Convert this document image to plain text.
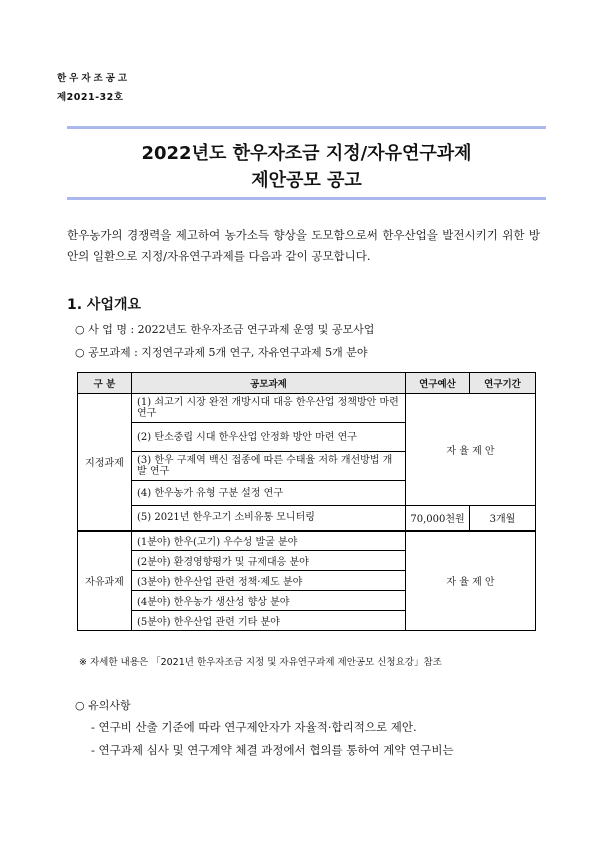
한우자조공고
제2021-32호
2022년도 한우자조금 지정/자유연구과제
제안공모 공고
한우농가의 경쟁력을 제고하여 농가소득 향상을 도모함으로써 한우산업을 발전시키기 위한 방안의 일환으로 지정/자유연구과제를 다음과 같이 공모합니다.
1. 사업개요
○ 사 업 명 : 2022년도 한우자조금 연구과제 운영 및 공모사업
○ 공모과제 : 지정연구과제 5개 연구, 자유연구과제 5개 분야
구 분	공모과제	연구예산	연구기간
지정과제	(1) 쇠고기 시장 완전 개방시대 대응 한우산업 정책방안 마련 연구	자 율 제 안	
	(2) 탄소중립 시대 한우산업 안정화 방안 마련 연구		
	(3) 한우 구제역 백신 접종에 따른 수태율 저하 개선방법 개발 연구		
	(4) 한우농가 유형 구분 설정 연구		
	(5) 2021년 한우고기 소비유통 모니터링	70,000천원	3개월
자유과제	(1분야) 한우(고기) 우수성 발굴 분야	자 율 제 안	
	(2분야) 환경영향평가 및 규제대응 분야		
	(3분야) 한우산업 관련 정책·제도 분야		
	(4분야) 한우농가 생산성 향상 분야		
	(5분야) 한우산업 관련 기타 분야		
※ 자세한 내용은 「2021년 한우자조금 지정 및 자유연구과제 제안공모 신청요강」참조
○ 유의사항
- 연구비 산출 기준에 따라 연구제안자가 자율적·합리적으로 제안.
- 연구과제 심사 및 연구계약 체결 과정에서 협의를 통하여 계약 연구비는
